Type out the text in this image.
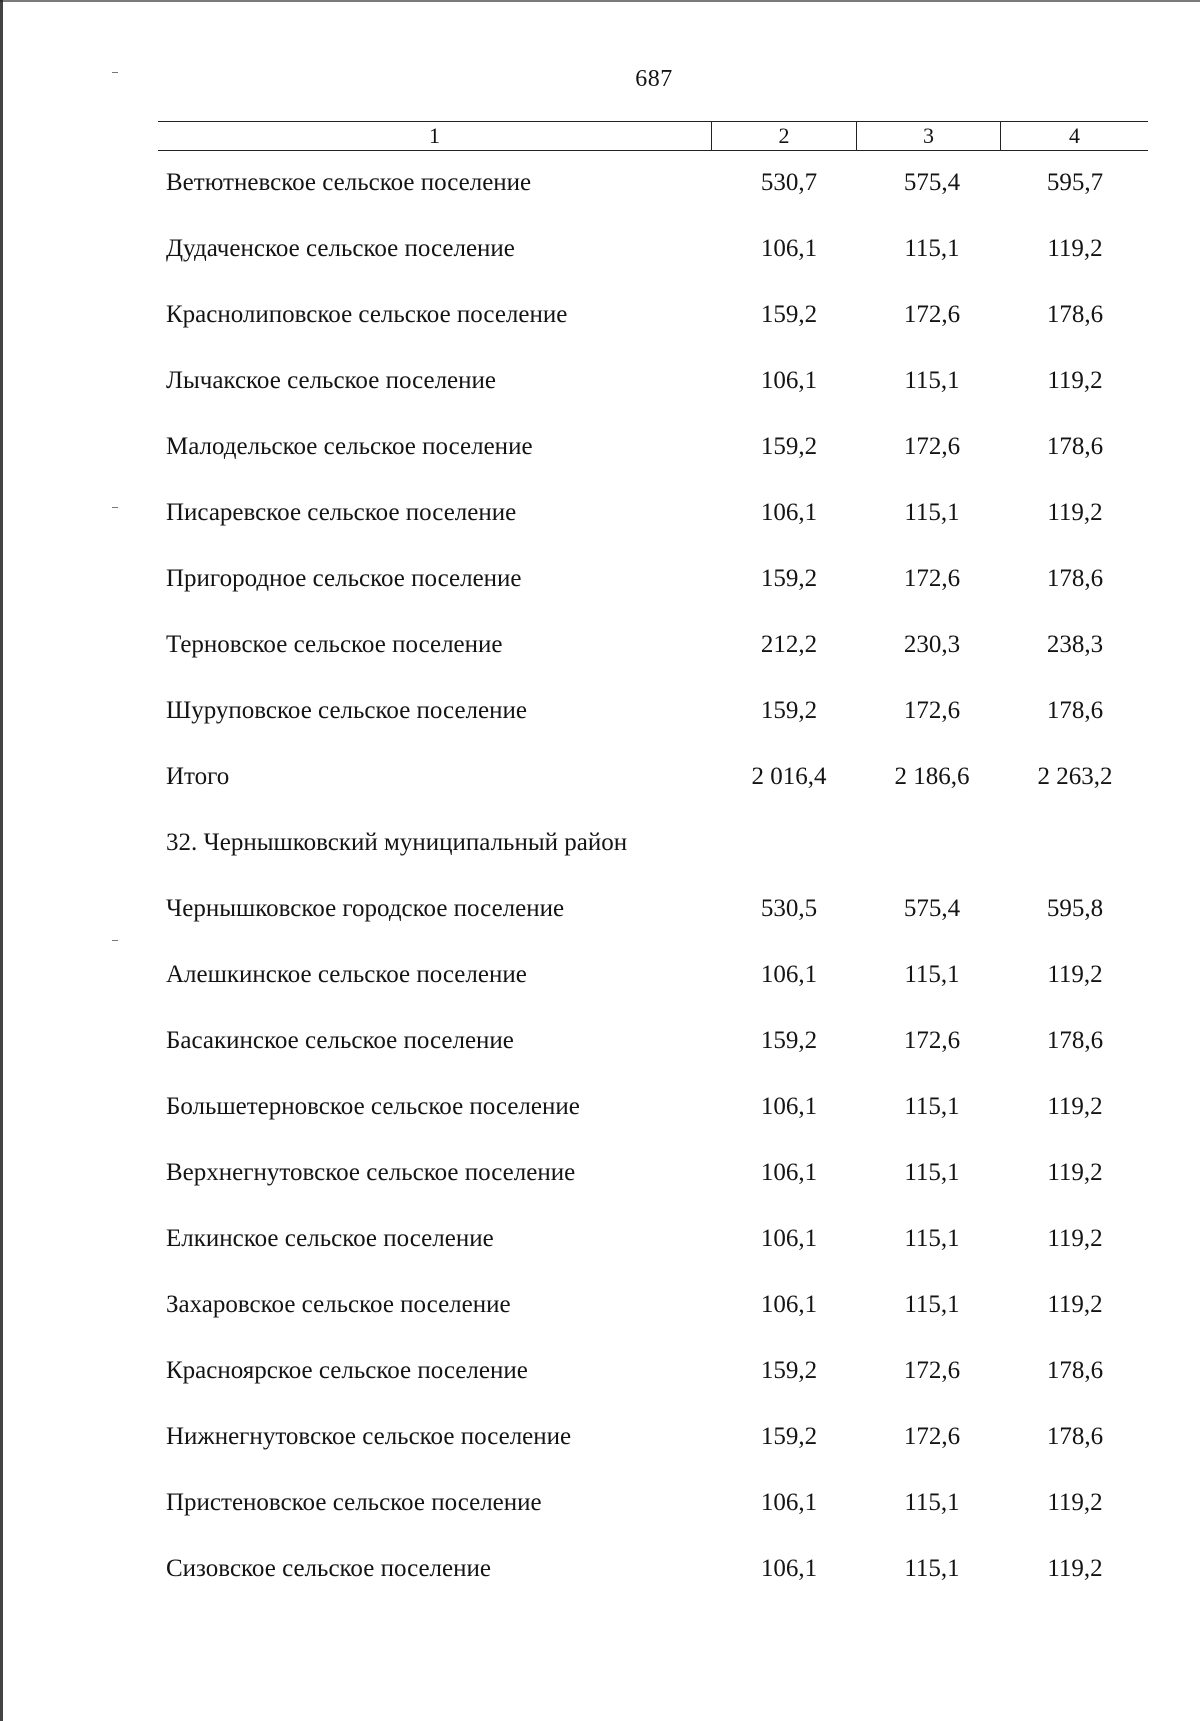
687
1	2	3	4
Ветютневское сельское поселение	530,7	575,4	595,7
Дудаченское сельское поселение	106,1	115,1	119,2
Краснолиповское сельское поселение	159,2	172,6	178,6
Лычакское сельское поселение	106,1	115,1	119,2
Малодельское сельское поселение	159,2	172,6	178,6
Писаревское сельское поселение	106,1	115,1	119,2
Пригородное сельское поселение	159,2	172,6	178,6
Терновское сельское поселение	212,2	230,3	238,3
Шуруповское сельское поселение	159,2	172,6	178,6
Итого	2 016,4	2 186,6	2 263,2
32. Чернышковский муниципальный район
Чернышковское городское поселение	530,5	575,4	595,8
Алешкинское сельское поселение	106,1	115,1	119,2
Басакинское сельское поселение	159,2	172,6	178,6
Большетерновское сельское поселение	106,1	115,1	119,2
Верхнегнутовское сельское поселение	106,1	115,1	119,2
Елкинское сельское поселение	106,1	115,1	119,2
Захаровское сельское поселение	106,1	115,1	119,2
Красноярское сельское поселение	159,2	172,6	178,6
Нижнегнутовское сельское поселение	159,2	172,6	178,6
Пристеновское сельское поселение	106,1	115,1	119,2
Сизовское сельское поселение	106,1	115,1	119,2
